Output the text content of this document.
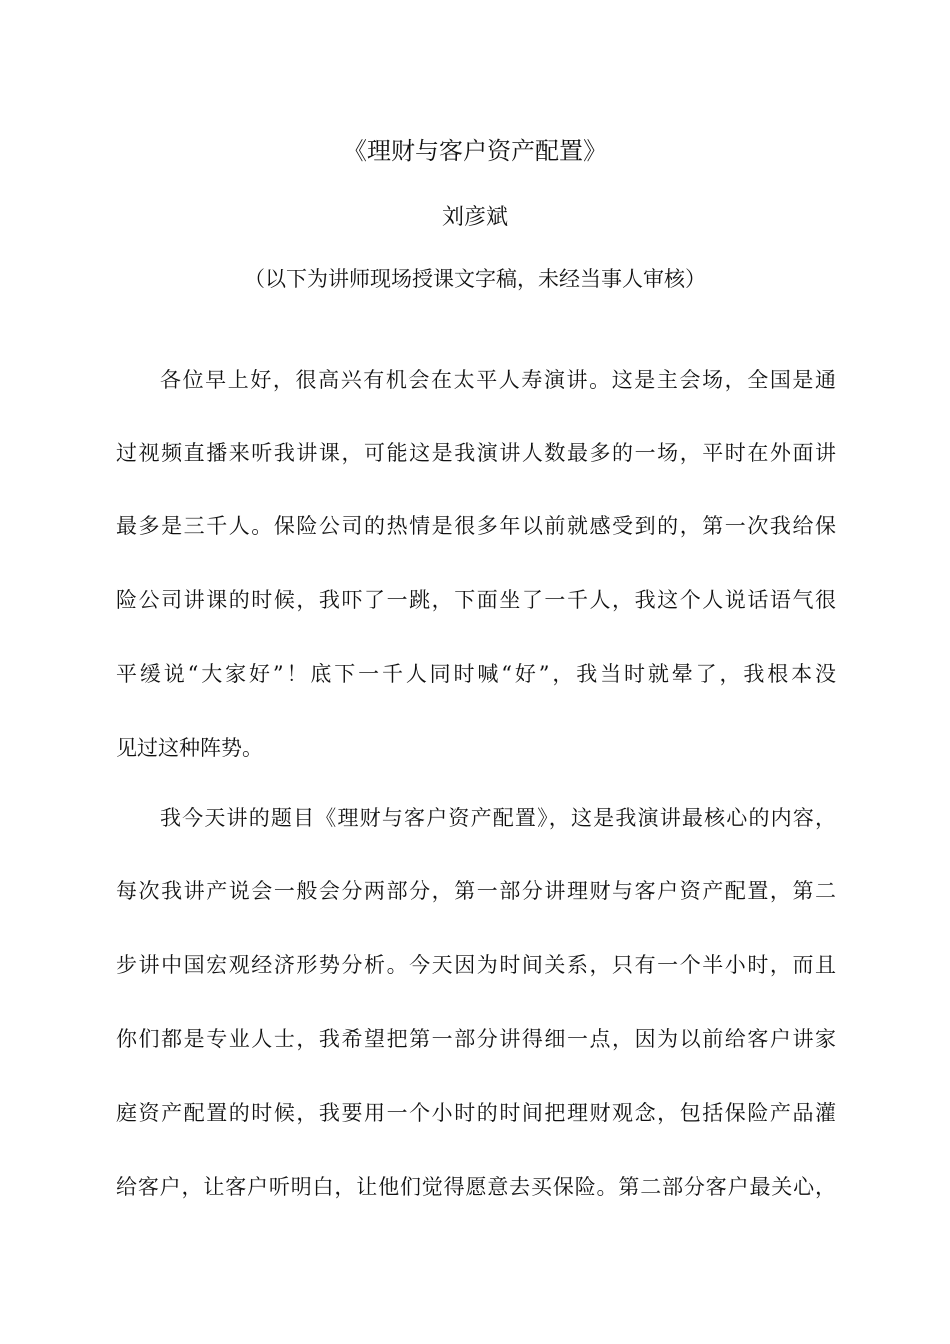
《理财与客户资产配置》
刘彦斌
（以下为讲师现场授课文字稿，未经当事人审核）
各位早上好，很高兴有机会在太平人寿演讲。这是主会场，全国是通
过视频直播来听我讲课，可能这是我演讲人数最多的一场，平时在外面讲
最多是三千人。保险公司的热情是很多年以前就感受到的，第一次我给保
险公司讲课的时候，我吓了一跳，下面坐了一千人，我这个人说话语气很
平缓说“大家好”！底下一千人同时喊“好”，我当时就晕了，我根本没
见过这种阵势。
我今天讲的题目《理财与客户资产配置》，这是我演讲最核心的内容，
每次我讲产说会一般会分两部分，第一部分讲理财与客户资产配置，第二
步讲中国宏观经济形势分析。今天因为时间关系，只有一个半小时，而且
你们都是专业人士，我希望把第一部分讲得细一点，因为以前给客户讲家
庭资产配置的时候，我要用一个小时的时间把理财观念，包括保险产品灌
给客户，让客户听明白，让他们觉得愿意去买保险。第二部分客户最关心，
